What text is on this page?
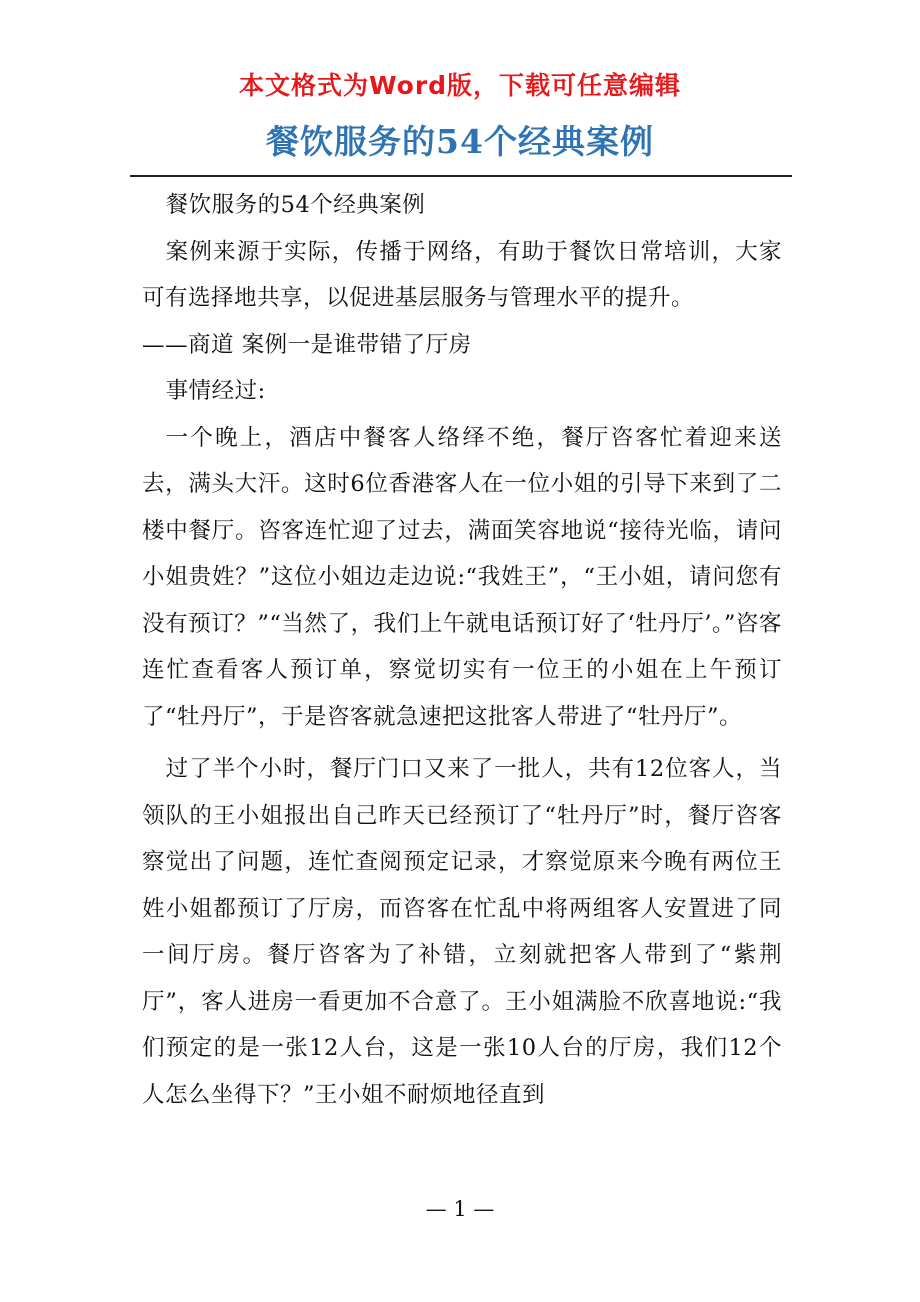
本文格式为Word版，下载可任意编辑
餐饮服务的54个经典案例

餐饮服务的54个经典案例

案例来源于实际，传播于网络，有助于餐饮日常培训，大家可有选择地共享，以促进基层服务与管理水平的提升。

——商道 案例一是谁带错了厅房

事情经过:

一个晚上，酒店中餐客人络绎不绝，餐厅咨客忙着迎来送去，满头大汗。这时6位香港客人在一位小姐的引导下来到了二楼中餐厅。咨客连忙迎了过去，满面笑容地说“接待光临，请问小姐贵姓？”这位小姐边走边说:“我姓王”，“王小姐，请问您有没有预订？”“当然了，我们上午就电话预订好了‘牡丹厅’。”咨客连忙查看客人预订单，察觉切实有一位王的小姐在上午预订了“牡丹厅”，于是咨客就急速把这批客人带进了“牡丹厅”。

过了半个小时，餐厅门口又来了一批人，共有12位客人，当领队的王小姐报出自己昨天已经预订了“牡丹厅”时，餐厅咨客察觉出了问题，连忙查阅预定记录，才察觉原来今晚有两位王姓小姐都预订了厅房，而咨客在忙乱中将两组客人安置进了同一间厅房。餐厅咨客为了补错，立刻就把客人带到了“紫荆厅”，客人进房一看更加不合意了。王小姐满脸不欣喜地说:“我们预定的是一张12人台，这是一张10人台的厅房，我们12个人怎么坐得下？”王小姐不耐烦地径直到

— 1 —
